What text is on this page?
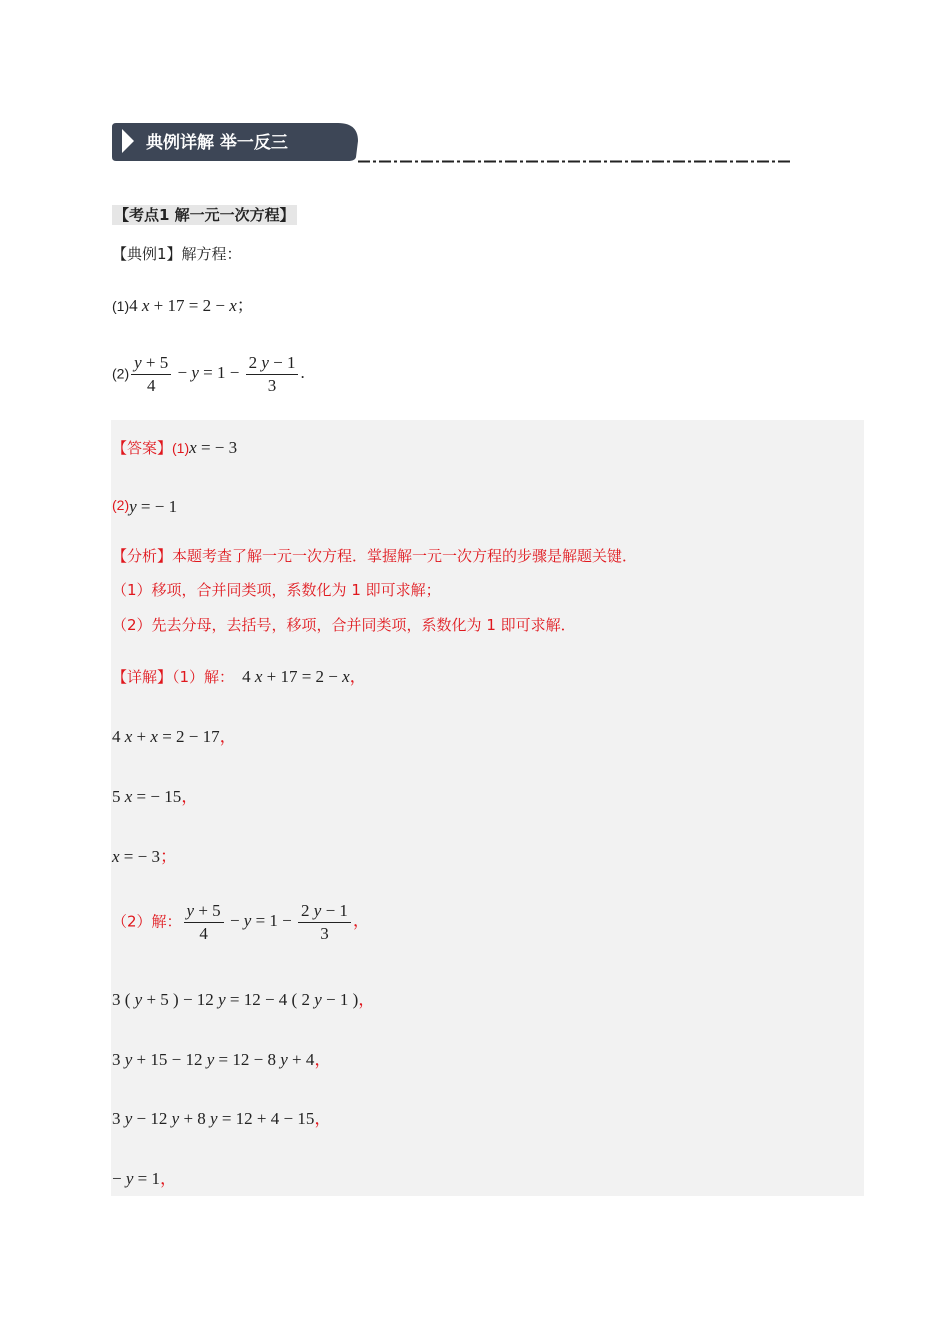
典例详解 举一反三
【考点1 解一元一次方程】
【典例1】解方程：
(1)4 x + 17 = 2 − x；
$(2) \frac{y + 5}{4} - y = 1 - \frac{2 y - 1}{3}$ .
【答案】(1)x = − 3
(2)y = − 1
【分析】本题考查了解一元一次方程．掌握解一元一次方程的步骤是解题关键．
（1）移项，合并同类项，系数化为 1 即可求解；
（2）先去分母，去括号，移项，合并同类项，系数化为 1 即可求解．
【详解】（1）解： 4 x + 17 = 2 − x，
4 x + x = 2 − 17，
5 x = − 15，
x = − 3；
（2）解： $\frac{y + 5}{4} - y = 1 - \frac{2 y - 1}{3}$ ，
3 ( y + 5 ) − 12 y = 12 − 4 ( 2 y − 1 )，
3 y + 15 − 12 y = 12 − 8 y + 4，
3 y − 12 y + 8 y = 12 + 4 − 15，
− y = 1，
